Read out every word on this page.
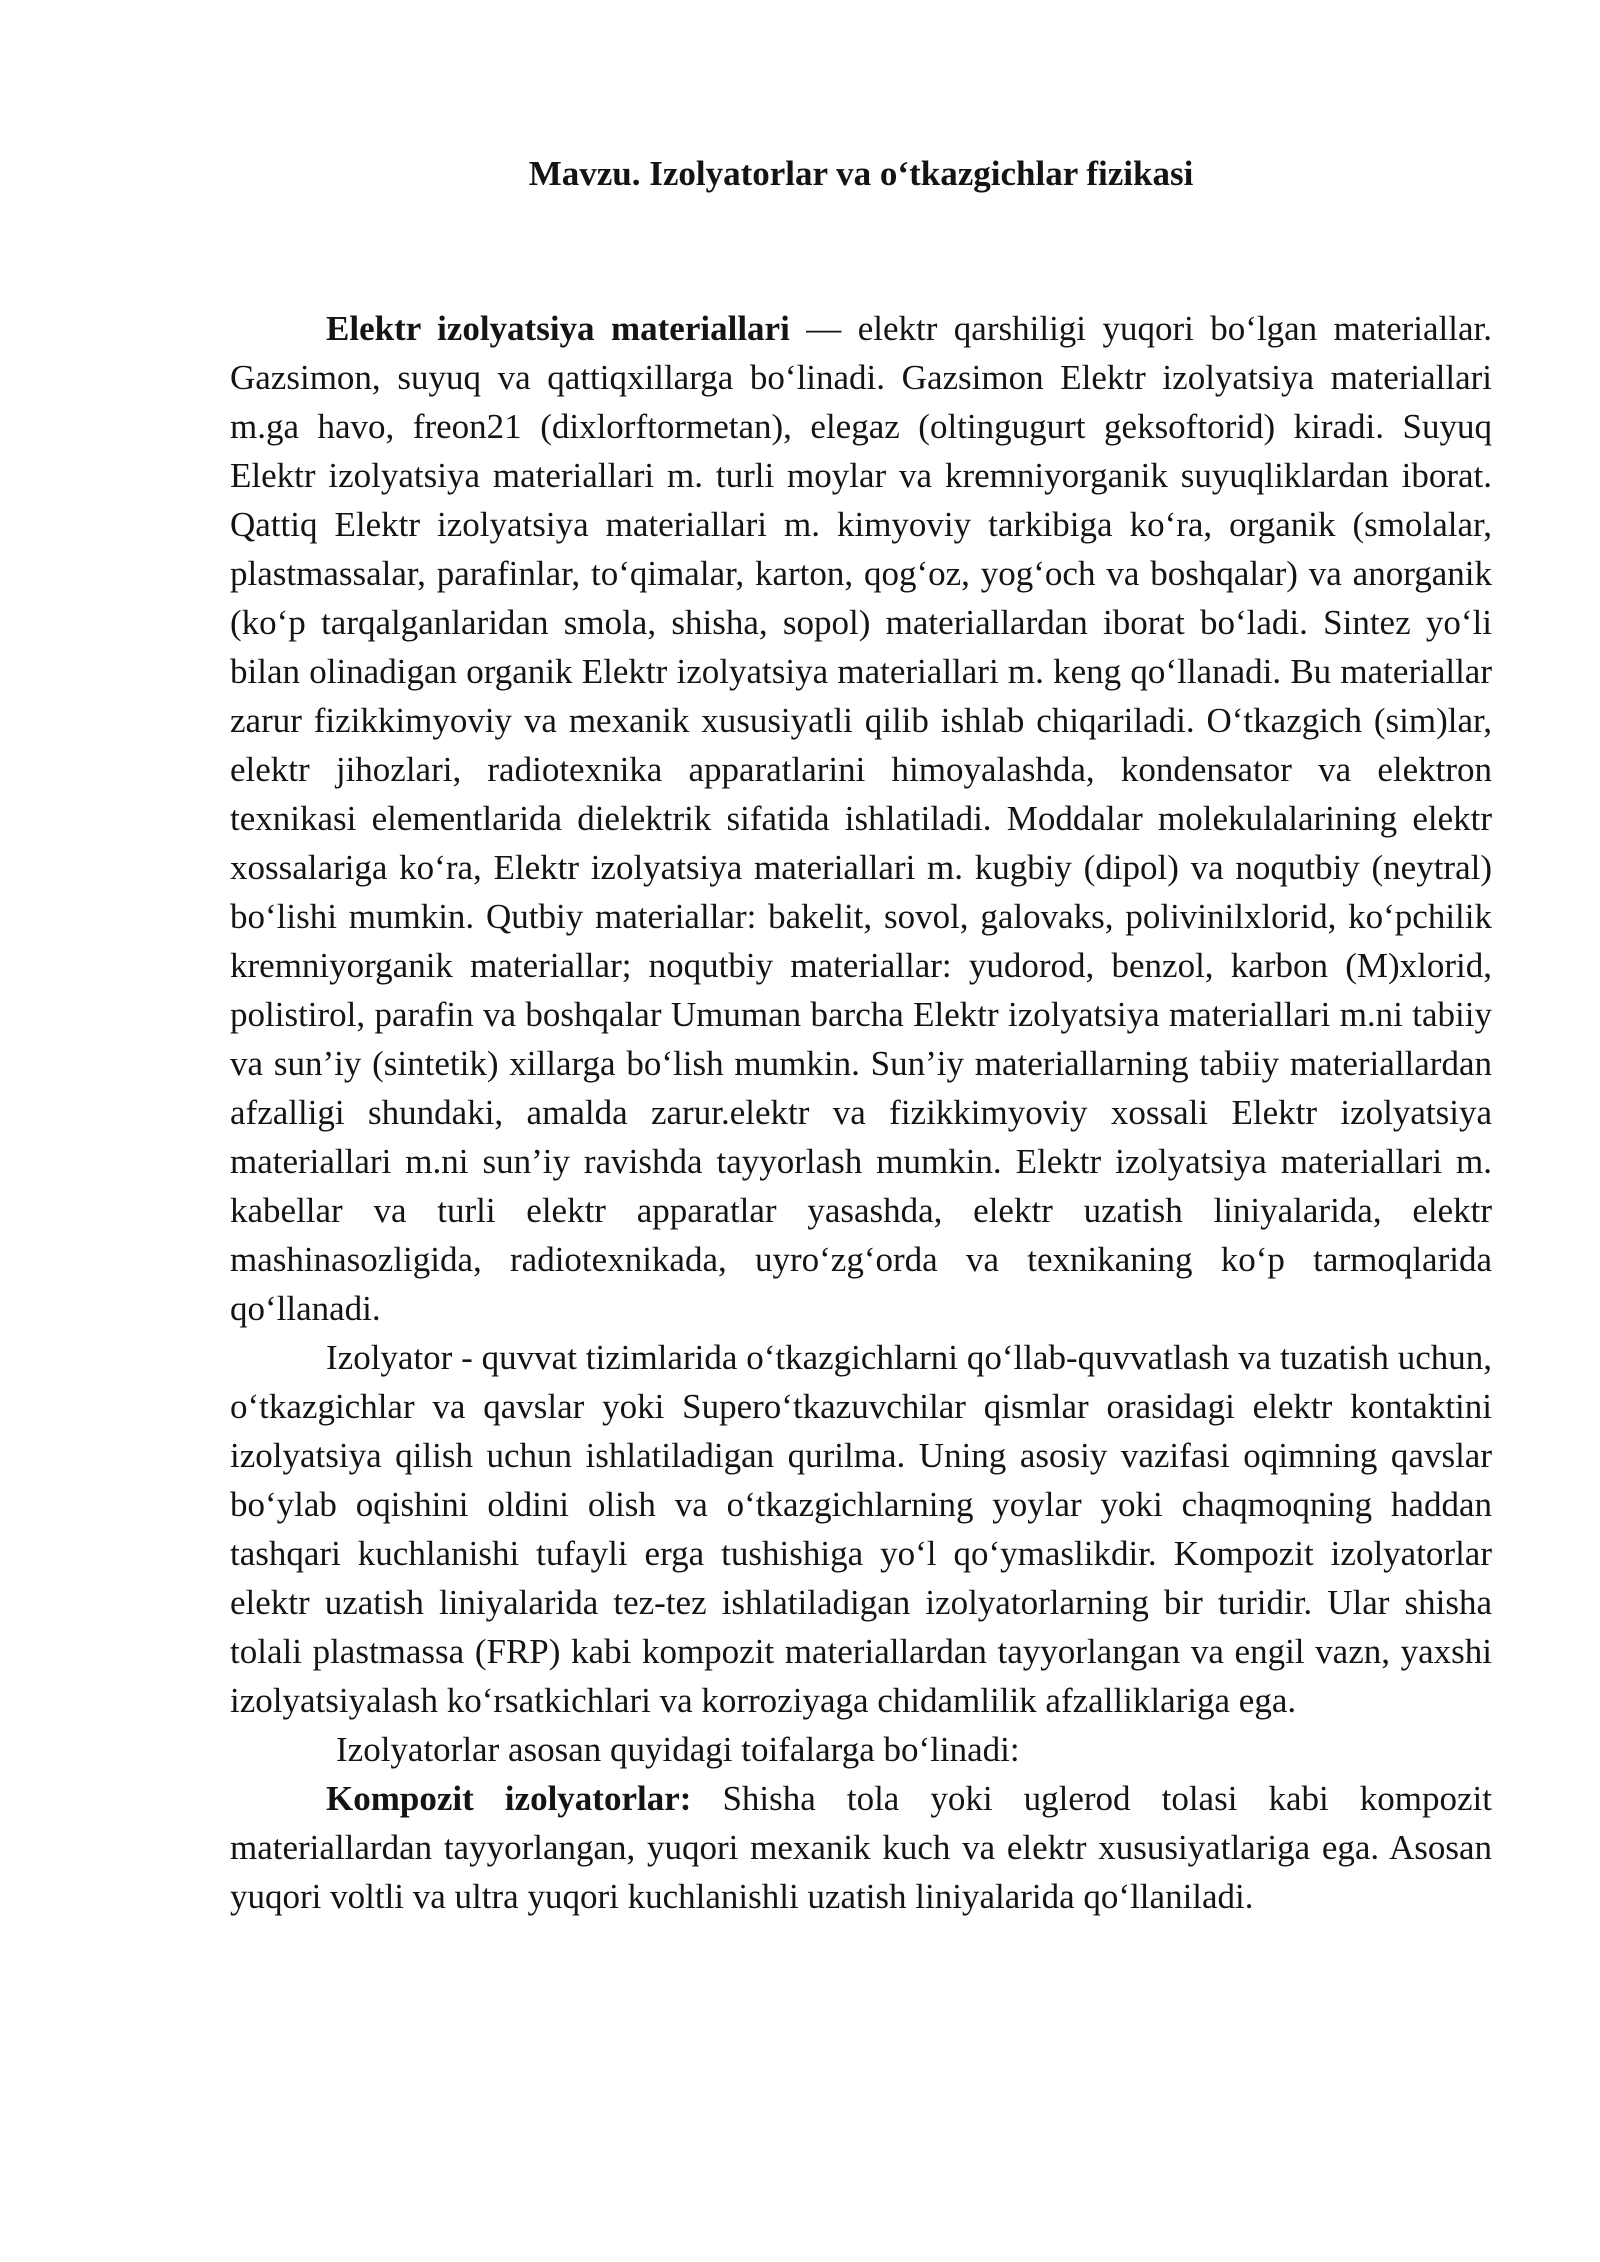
Mavzu. Izolyatorlar va o‘tkazgichlar fizikasi

Elektr izolyatsiya materiallari — elektr qarshiligi yuqori bo‘lgan materiallar. Gazsimon, suyuq va qattiqxillarga bo‘linadi. Gazsimon Elektr izolyatsiya materiallari m.ga havo, freon21 (dixlorftormetan), elegaz (oltingugurt geksoftorid) kiradi. Suyuq Elektr izolyatsiya materiallari m. turli moylar va kremniyorganik suyuqliklardan iborat. Qattiq Elektr izolyatsiya materiallari m. kimyoviy tarkibiga ko‘ra, organik (smolalar, plastmassalar, parafinlar, to‘qimalar, karton, qog‘oz, yog‘och va boshqalar) va anorganik (ko‘p tarqalganlaridan smola, shisha, sopol) materiallardan iborat bo‘ladi. Sintez yo‘li bilan olinadigan organik Elektr izolyatsiya materiallari m. keng qo‘llanadi. Bu materiallar zarur fizikkimyoviy va mexanik xususiyatli qilib ishlab chiqariladi. O‘tkazgich (sim)lar, elektr jihozlari, radiotexnika apparatlarini himoyalashda, kondensator va elektron texnikasi elementlarida dielektrik sifatida ishlatiladi. Moddalar molekulalarining elektr xossalariga ko‘ra, Elektr izolyatsiya materiallari m. kugbiy (dipol) va noqutbiy (neytral) bo‘lishi mumkin. Qutbiy materiallar: bakelit, sovol, galovaks, polivinilxlorid, ko‘pchilik kremniyorganik materiallar; noqutbiy materiallar: yudorod, benzol, karbon (M)xlorid, polistirol, parafin va boshqalar Umuman barcha Elektr izolyatsiya materiallari m.ni tabiiy va sun’iy (sintetik) xillarga bo‘lish mumkin. Sun’iy materiallarning tabiiy materiallardan afzalligi shundaki, amalda zarur.elektr va fizikkimyoviy xossali Elektr izolyatsiya materiallari m.ni sun’iy ravishda tayyorlash mumkin. Elektr izolyatsiya materiallari m. kabellar va turli elektr apparatlar yasashda, elektr uzatish liniyalarida, elektr mashinasozligida, radiotexnikada, uyro‘zg‘orda va texnikaning ko‘p tarmoqlarida qo‘llanadi.

Izolyator - quvvat tizimlarida o‘tkazgichlarni qo‘llab-quvvatlash va tuzatish uchun, o‘tkazgichlar va qavslar yoki Supero‘tkazuvchilar qismlar orasidagi elektr kontaktini izolyatsiya qilish uchun ishlatiladigan qurilma. Uning asosiy vazifasi oqimning qavslar bo‘ylab oqishini oldini olish va o‘tkazgichlarning yoylar yoki chaqmoqning haddan tashqari kuchlanishi tufayli erga tushishiga yo‘l qo‘ymaslikdir. Kompozit izolyatorlar elektr uzatish liniyalarida tez-tez ishlatiladigan izolyatorlarning bir turidir. Ular shisha tolali plastmassa (FRP) kabi kompozit materiallardan tayyorlangan va engil vazn, yaxshi izolyatsiyalash ko‘rsatkichlari va korroziyaga chidamlilik afzalliklariga ega.

Izolyatorlar asosan quyidagi toifalarga bo‘linadi:

Kompozit izolyatorlar: Shisha tola yoki uglerod tolasi kabi kompozit materiallardan tayyorlangan, yuqori mexanik kuch va elektr xususiyatlariga ega. Asosan yuqori voltli va ultra yuqori kuchlanishli uzatish liniyalarida qo‘llaniladi.
